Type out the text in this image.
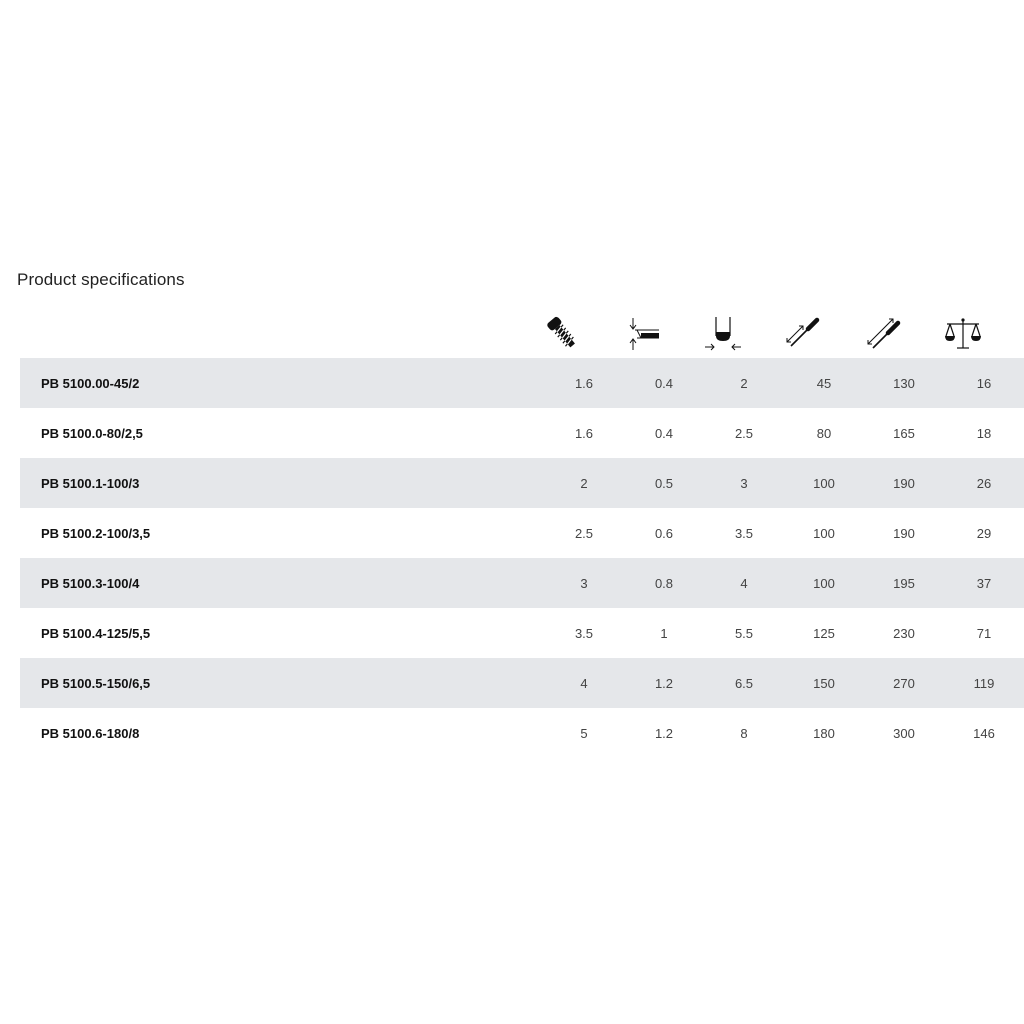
Product specifications
PB 5100.00-45/2	1.6	0.4	2	45	130	16	
PB 5100.0-80/2,5	1.6	0.4	2.5	80	165	18	
PB 5100.1-100/3	2	0.5	3	100	190	26	
PB 5100.2-100/3,5	2.5	0.6	3.5	100	190	29	
PB 5100.3-100/4	3	0.8	4	100	195	37	
PB 5100.4-125/5,5	3.5	1	5.5	125	230	71	
PB 5100.5-150/6,5	4	1.2	6.5	150	270	119	
PB 5100.6-180/8	5	1.2	8	180	300	146	
